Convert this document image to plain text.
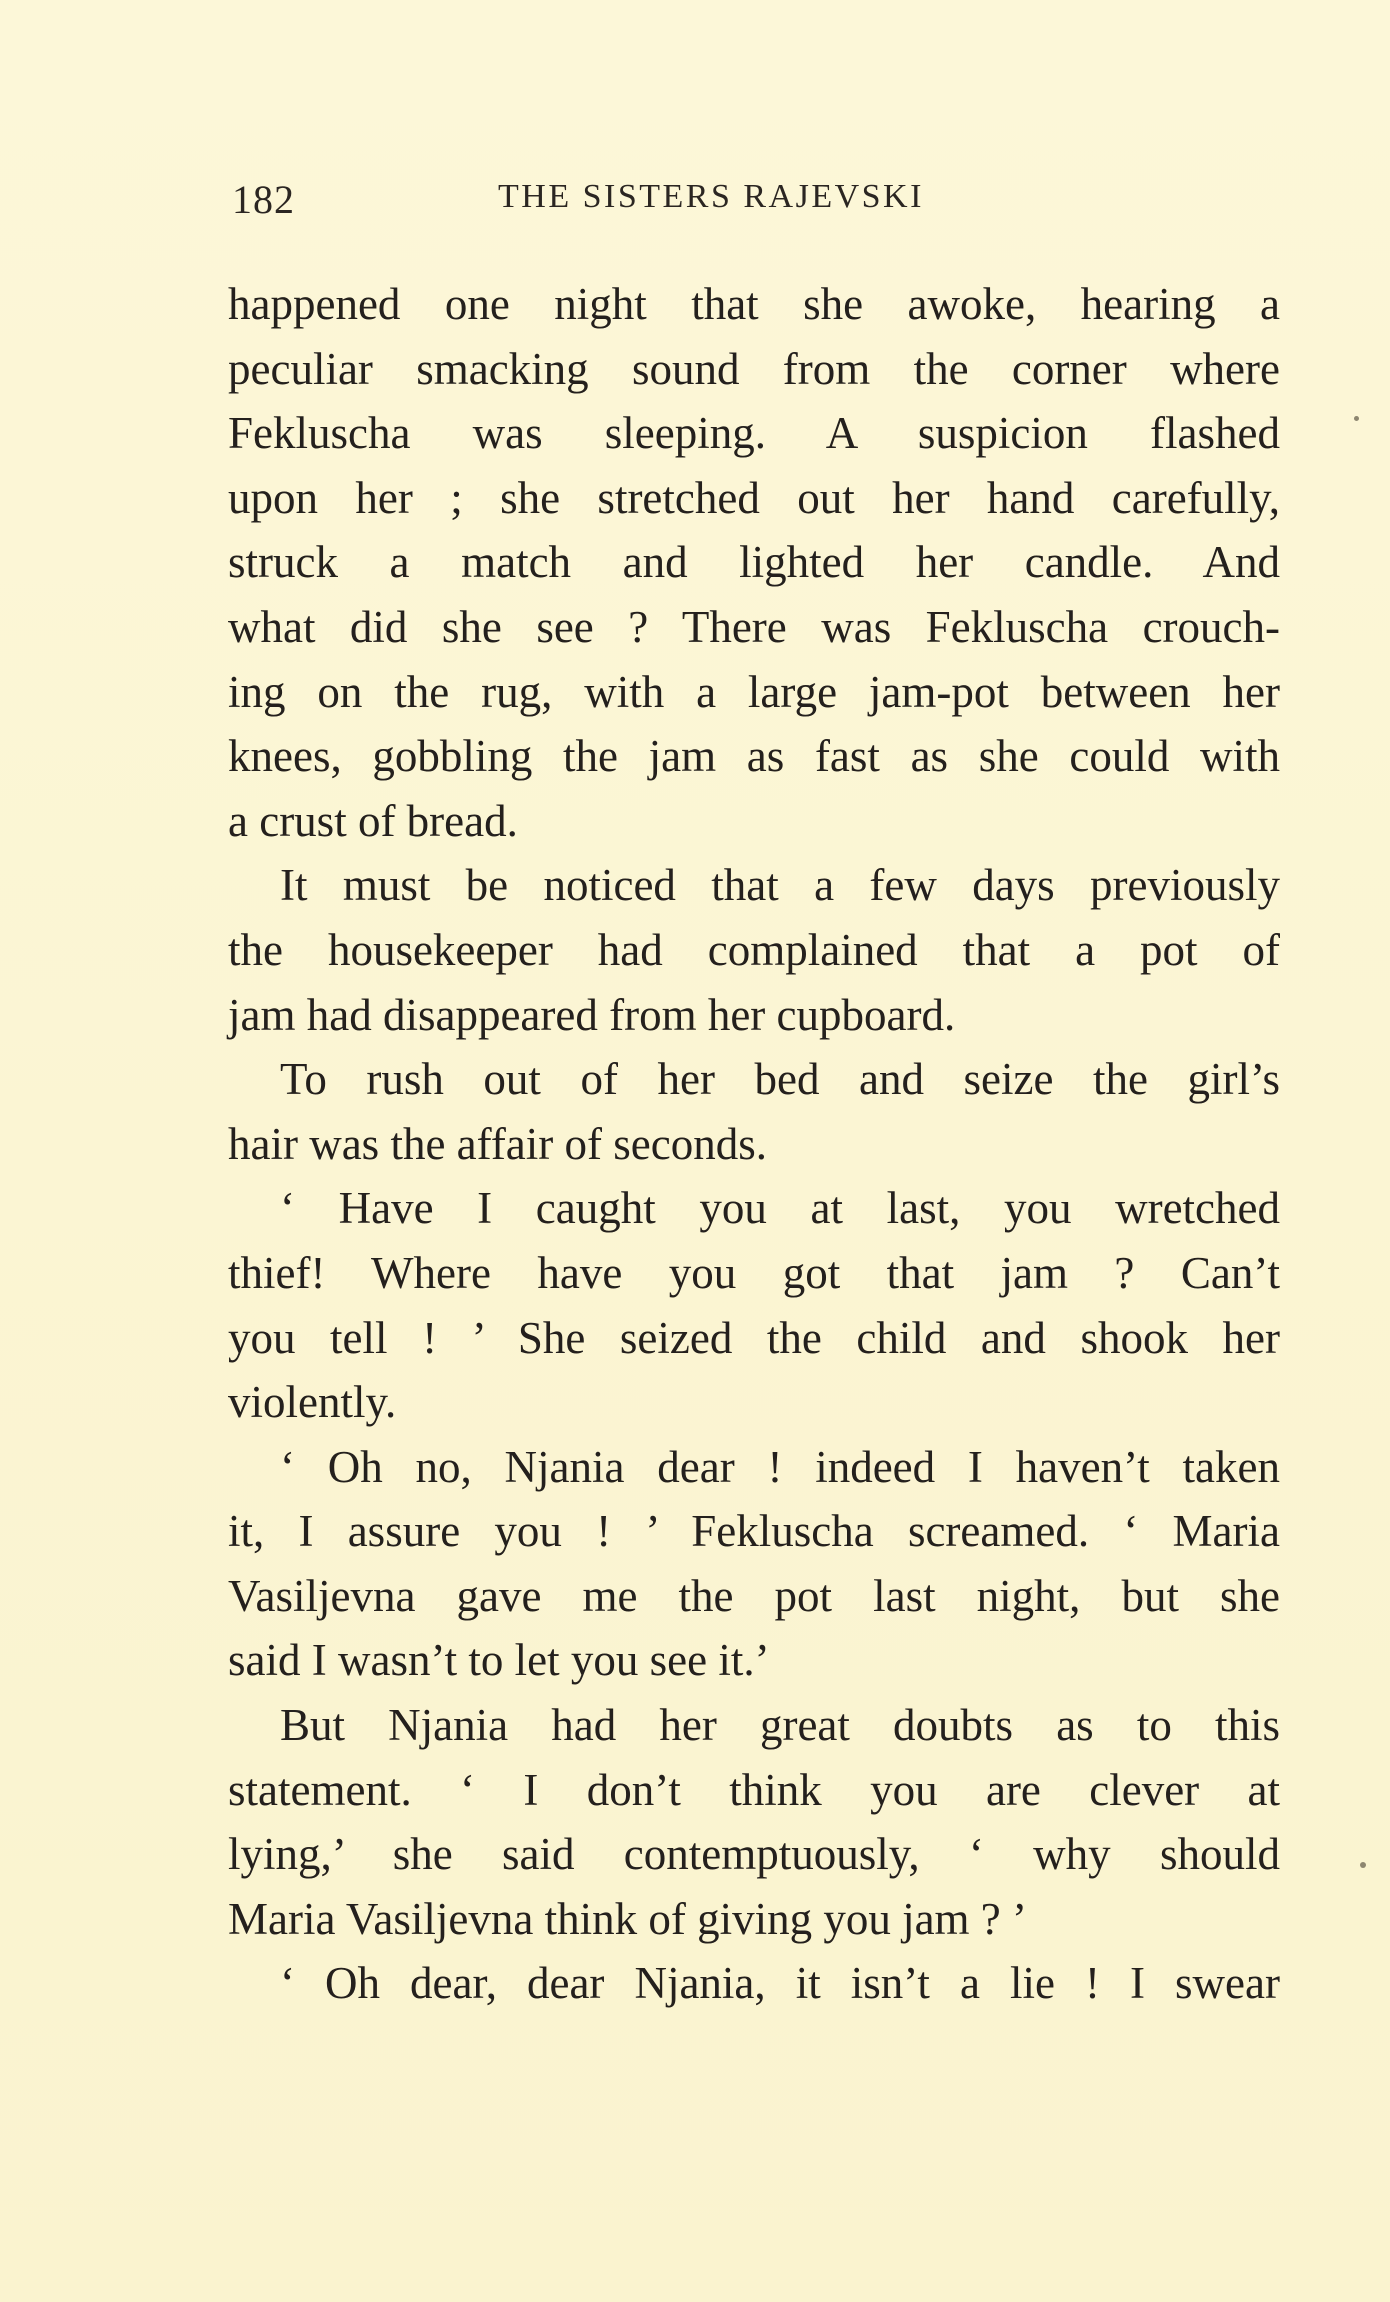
182	THE SISTERS RAJEVSKI
happened one night that she awoke, hearing a
peculiar smacking sound from the corner where
Fekluscha was sleeping. A suspicion flashed
upon her ; she stretched out her hand carefully,
struck a match and lighted her candle. And
what did she see ? There was Fekluscha crouch-
ing on the rug, with a large jam-pot between her
knees, gobbling the jam as fast as she could with
a crust of bread.
It must be noticed that a few days previously
the housekeeper had complained that a pot of
jam had disappeared from her cupboard.
To rush out of her bed and seize the girl’s
hair was the affair of seconds.
‘ Have I caught you at last, you wretched
thief! Where have you got that jam ? Can’t
you tell ! ’ She seized the child and shook her
violently.
‘ Oh no, Njania dear ! indeed I haven’t taken
it, I assure you ! ’ Fekluscha screamed. ‘ Maria
Vasiljevna gave me the pot last night, but she
said I wasn’t to let you see it.’
But Njania had her great doubts as to this
statement. ‘ I don’t think you are clever at
lying,’ she said contemptuously, ‘ why should
Maria Vasiljevna think of giving you jam ? ’
‘ Oh dear, dear Njania, it isn’t a lie ! I swear
